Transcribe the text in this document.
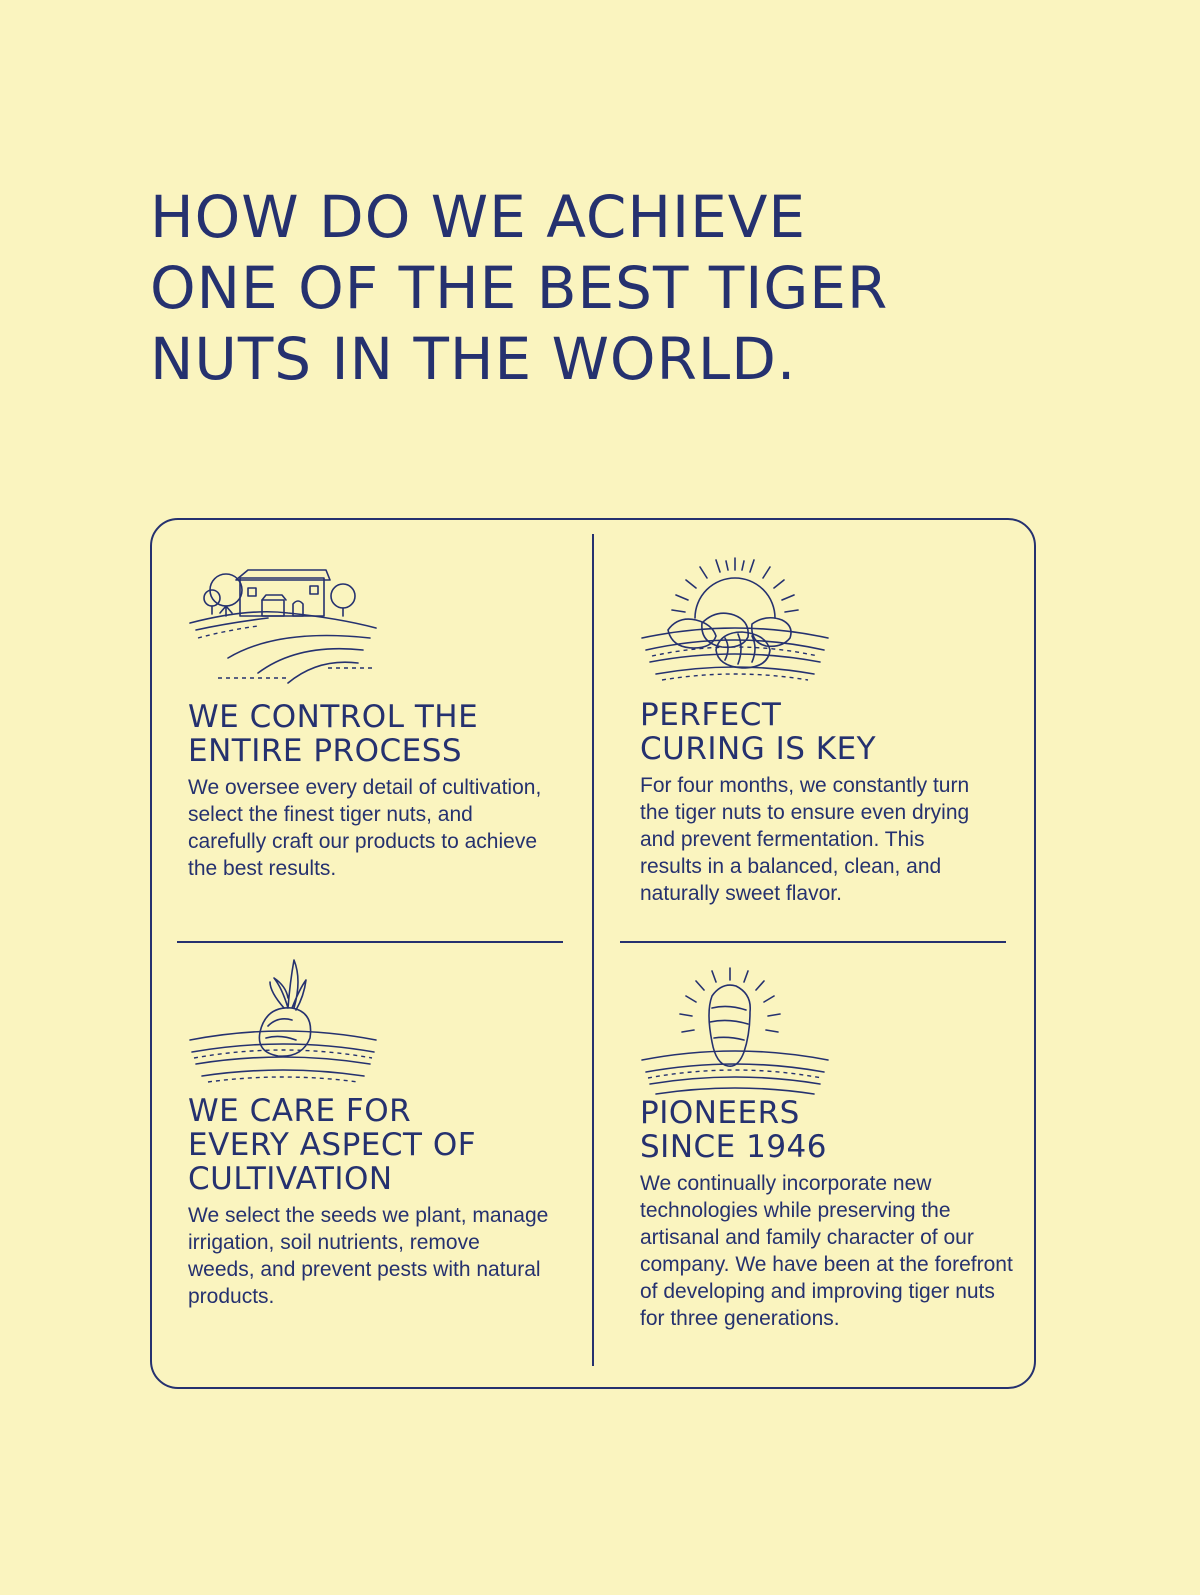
HOW DO WE ACHIEVE
ONE OF THE BEST TIGER
NUTS IN THE WORLD.
WE CONTROL THE
ENTIRE PROCESS

We oversee every detail of cultivation,
select the finest tiger nuts, and
carefully craft our products to achieve
the best results.

PERFECT
CURING IS KEY

For four months, we constantly turn
the tiger nuts to ensure even drying
and prevent fermentation. This
results in a balanced, clean, and
naturally sweet flavor.

WE CARE FOR
EVERY ASPECT OF
CULTIVATION

We select the seeds we plant, manage
irrigation, soil nutrients, remove
weeds, and prevent pests with natural
products.

PIONEERS
SINCE 1946

We continually incorporate new
technologies while preserving the
artisanal and family character of our
company. We have been at the forefront
of developing and improving tiger nuts
for three generations.
